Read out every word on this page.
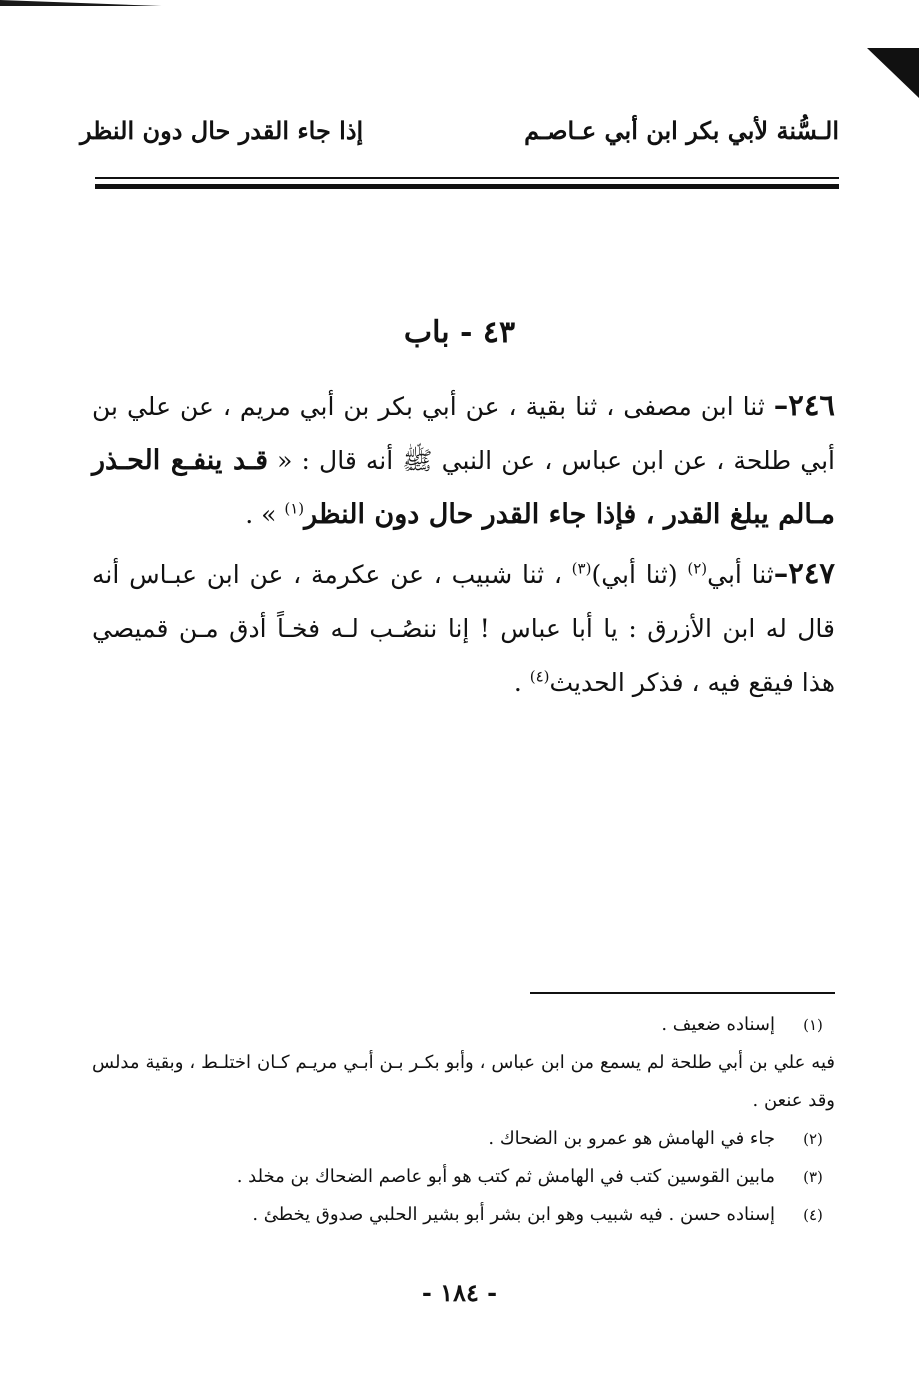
الـسُّنة لأبي بكر ابن أبي عـاصـم
إذا جاء القدر حال دون النظر
٤٣ - باب

٢٤٦– ثنا ابن مصفى ، ثنا بقية ، عن أبي بكر بن أبي مريم ، عن علي بن أبي طلحة ، عن ابن عباس ، عن النبي ﷺ أنه قال : « قـد ينفـع الحـذر مـالم يبلغ القدر ، فإذا جاء القدر حال دون النظر$^{(١)}$ » .

٢٤٧–ثنا أبي$^{(٢)}$ (ثنا أبي)$^{(٣)}$ ، ثنا شبيب ، عن عكرمة ، عن ابن عبـاس أنه قال له ابن الأزرق : يا أبا عباس ! إنا ننصُـب لـه فخـاً أدق مـن قميصي هذا فيقع فيه ، فذكر الحديث$^{(٤)}$ .

(١)
إسناده ضعيف .
فيه علي بن أبي طلحة لم يسمع من ابن عباس ، وأبو بكـر بـن أبـي مريـم كـان اختلـط ، وبقية مدلس وقد عنعن .
(٢)
جاء في الهامش هو عمرو بن الضحاك .
(٣)
مابين القوسين كتب في الهامش ثم كتب هو أبو عاصم الضحاك بن مخلد .
(٤)
إسناده حسن . فيه شبيب وهو ابن بشر أبو بشير الحلبي صدوق يخطئ .
- ١٨٤ -
